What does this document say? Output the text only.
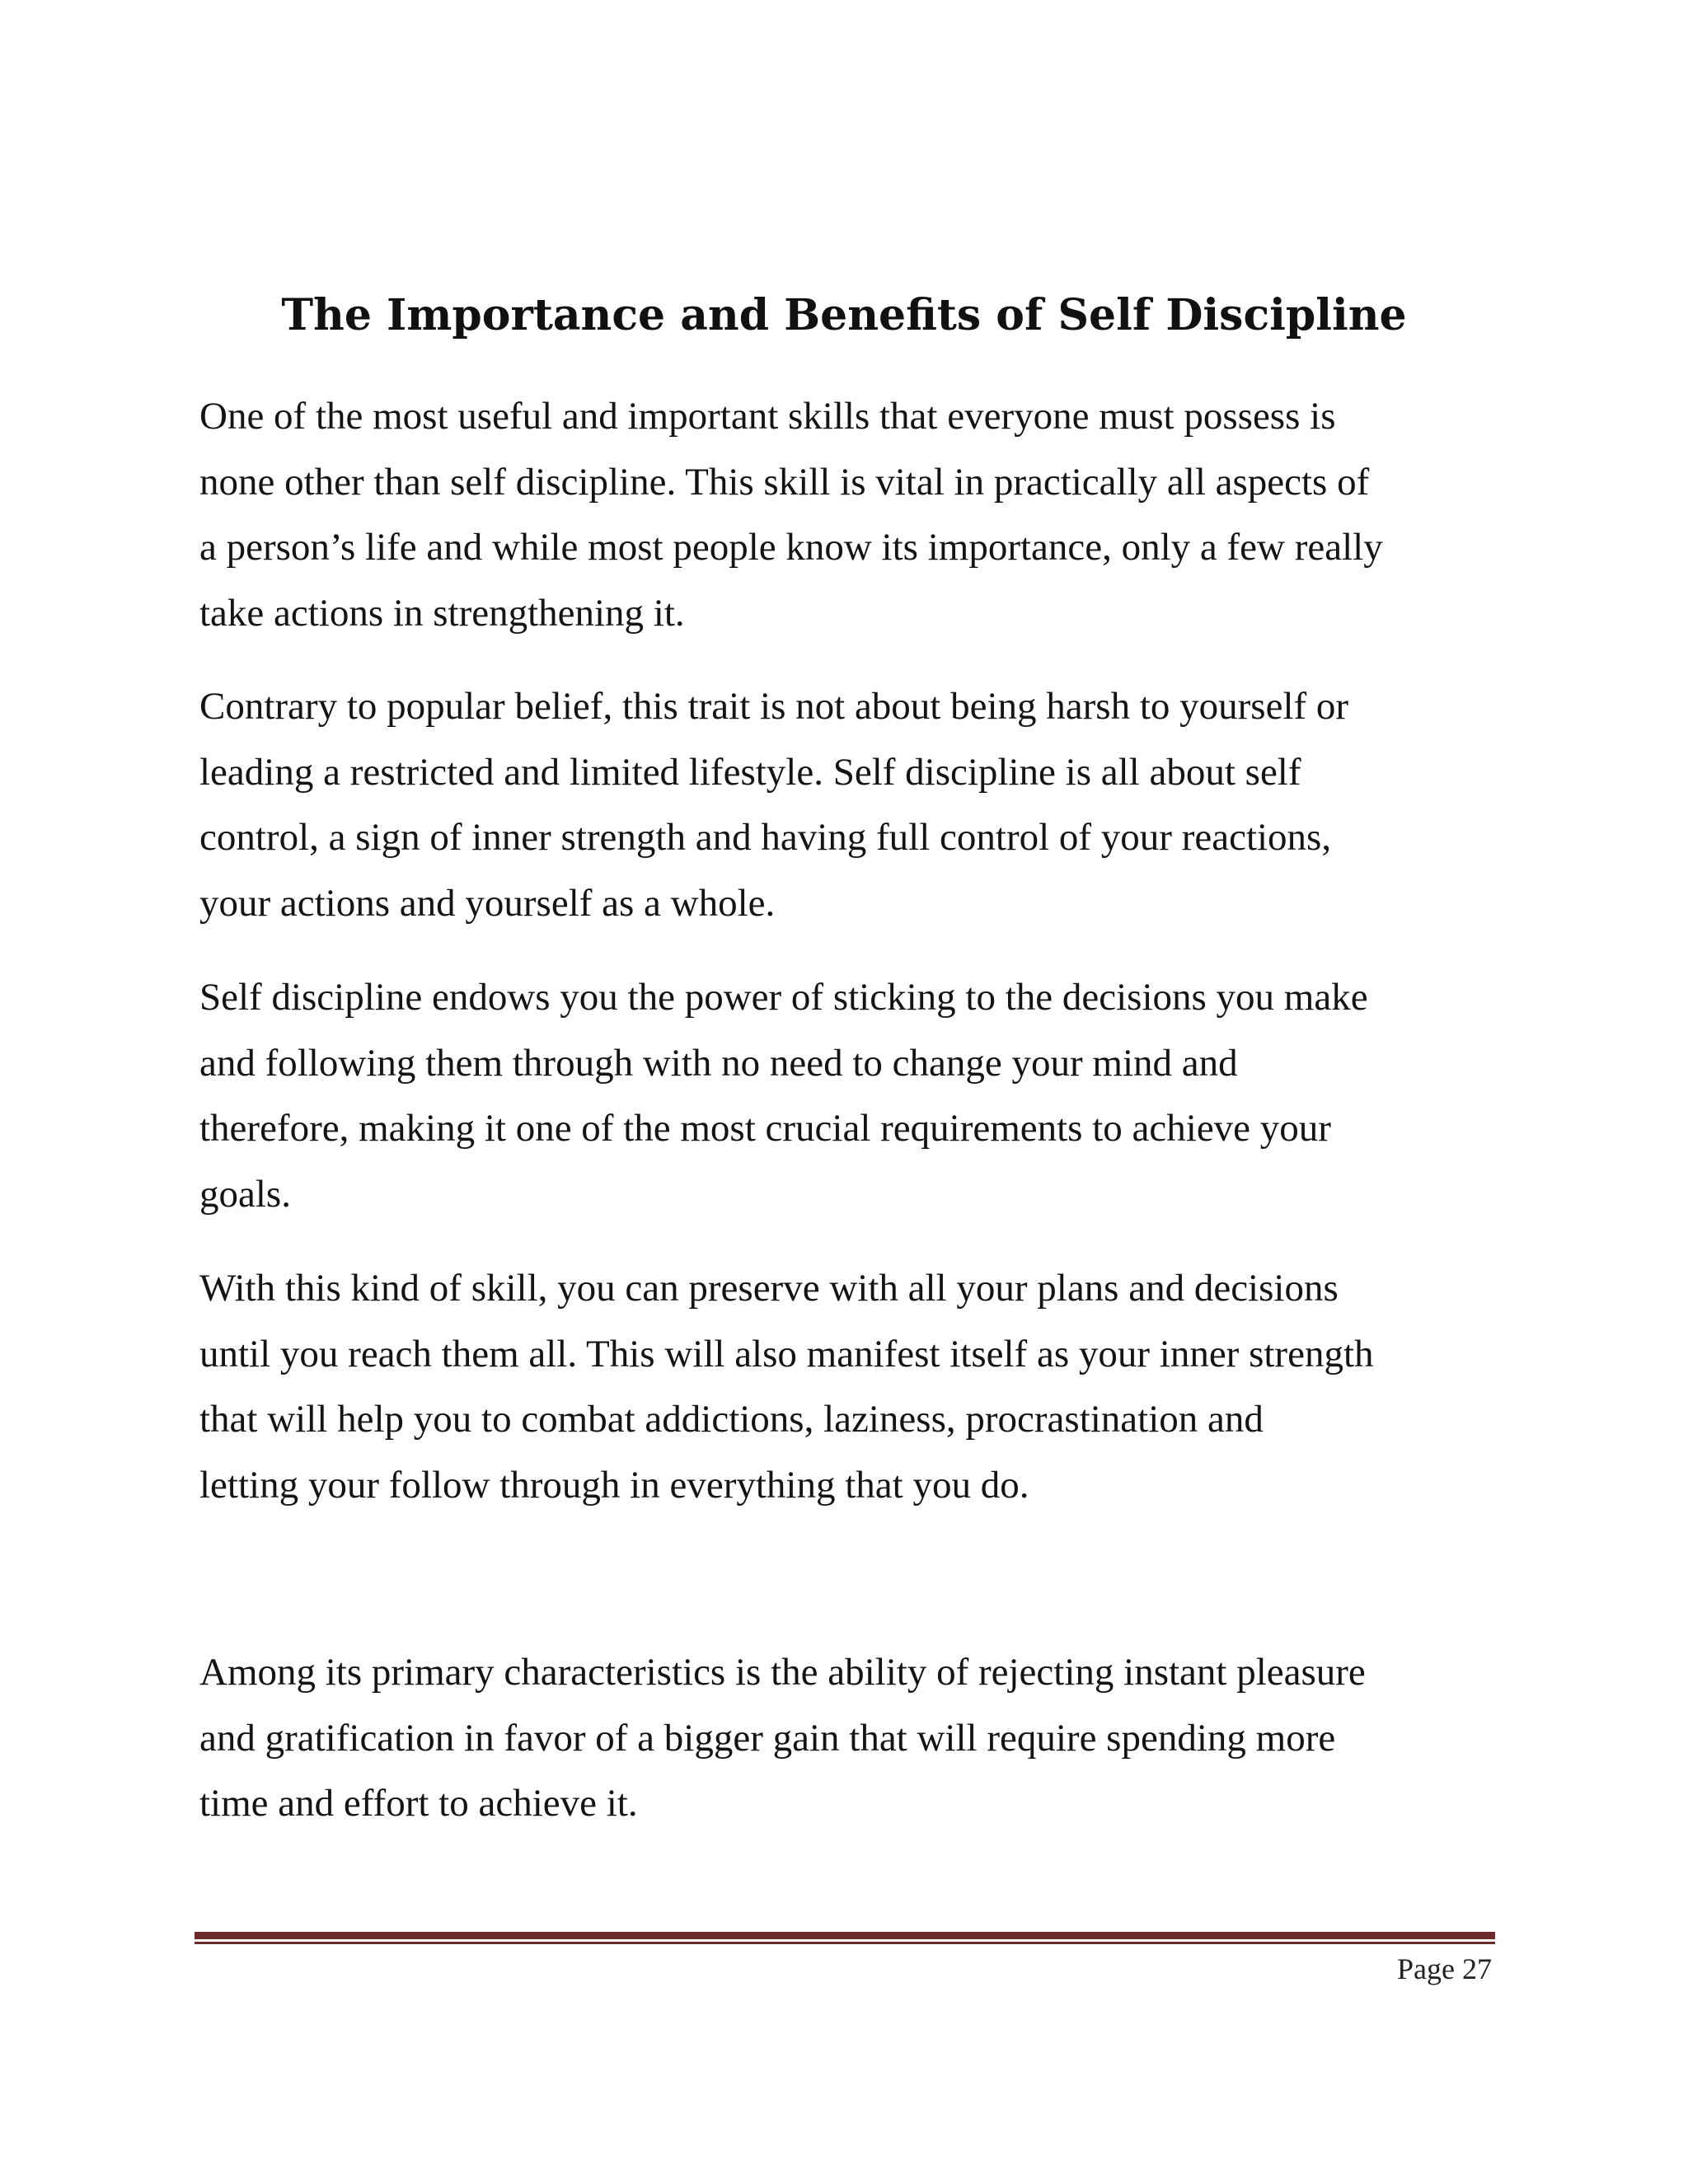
The Importance and Benefits of Self Discipline

One of the most useful and important skills that everyone must possess is
none other than self discipline. This skill is vital in practically all aspects of
a person’s life and while most people know its importance, only a few really
take actions in strengthening it.

Contrary to popular belief, this trait is not about being harsh to yourself or
leading a restricted and limited lifestyle. Self discipline is all about self
control, a sign of inner strength and having full control of your reactions,
your actions and yourself as a whole.

Self discipline endows you the power of sticking to the decisions you make
and following them through with no need to change your mind and
therefore, making it one of the most crucial requirements to achieve your
goals.

With this kind of skill, you can preserve with all your plans and decisions
until you reach them all. This will also manifest itself as your inner strength
that will help you to combat addictions, laziness, procrastination and
letting your follow through in everything that you do.

Among its primary characteristics is the ability of rejecting instant pleasure
and gratification in favor of a bigger gain that will require spending more
time and effort to achieve it.

Page 27
